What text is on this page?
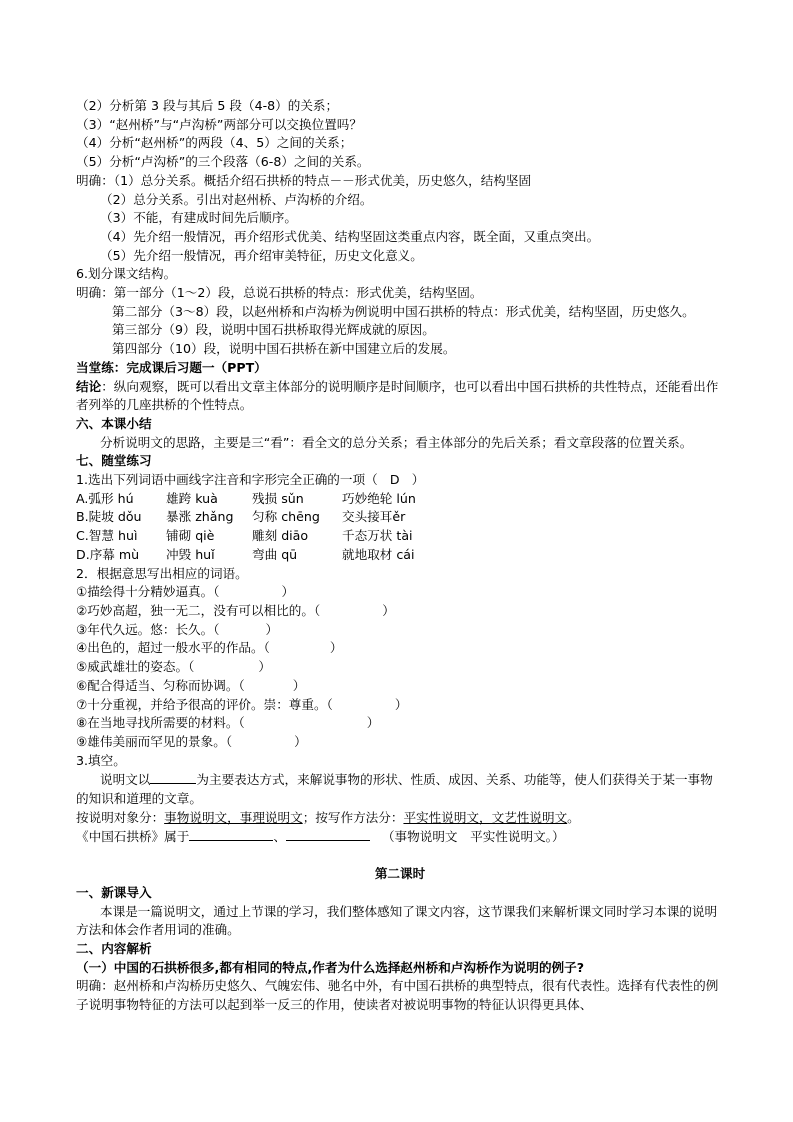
（2）分析第 3 段与其后 5 段（4-8）的关系；

（3）“赵州桥”与“卢沟桥”两部分可以交换位置吗？

（4）分析“赵州桥”的两段（4、5）之间的关系；

（5）分析“卢沟桥”的三个段落（6-8）之间的关系。

明确：（1）总分关系。概括介绍石拱桥的特点－－形式优美，历史悠久，结构坚固

（2）总分关系。引出对赵州桥、卢沟桥的介绍。

（3）不能，有建成时间先后顺序。

（4）先介绍一般情况，再介绍形式优美、结构坚固这类重点内容，既全面，又重点突出。

（5）先介绍一般情况，再介绍审美特征，历史文化意义。

6.划分课文结构。

明确：第一部分（1～2）段，总说石拱桥的特点：形式优美，结构坚固。

第二部分（3～8）段，以赵州桥和卢沟桥为例说明中国石拱桥的特点：形式优美，结构坚固，历史悠久。

第三部分（9）段，说明中国石拱桥取得光辉成就的原因。

第四部分（10）段，说明中国石拱桥在新中国建立后的发展。

当堂练：完成课后习题一（PPT）

结论：纵向观察，既可以看出文章主体部分的说明顺序是时间顺序，也可以看出中国石拱桥的共性特点，还能看出作者列举的几座拱桥的个性特点。

六、本课小结

分析说明文的思路，主要是三“看”：看全文的总分关系；看主体部分的先后关系；看文章段落的位置关系。

七、随堂练习

1.选出下列词语中画线字注音和字形完全正确的一项（ D ）

A.弧形 hú	雄跨 kuà	残损 sǔn	巧妙绝轮 lún

B.陡坡 dǒu 暴涨 zhǎng 匀称 chēng 交头接耳ěr

C.智慧 huì 铺砌 qiè	雕刻 diāo	千态万状 tài

D.序幕 mù 冲毁 huǐ	弯曲 qū	就地取材 cái

2．根据意思写出相应的词语。

①描绘得十分精妙逼真。（	）

②巧妙高超，独一无二，没有可以相比的。（	）

③年代久远。悠：长久。（	）

④出色的，超过一般水平的作品。（	）

⑤威武雄壮的姿态。（	）

⑥配合得适当、匀称而协调。（	）

⑦十分重视，并给予很高的评价。崇：尊重。（	）

⑧在当地寻找所需要的材料。（	）

⑨雄伟美丽而罕见的景象。（	）

3.填空。

说明文以	为主要表达方式，来解说事物的形状、性质、成因、关系、功能等，使人们获得关于某一事物的知识和道理的文章。

按说明对象分：事物说明文，事理说明文；按写作方法分：平实性说明文，文艺性说明文。

《中国石拱桥》属于	、	（事物说明文　平实性说明文。）

第二课时

一、新课导入

本课是一篇说明文，通过上节课的学习，我们整体感知了课文内容，这节课我们来解析课文同时学习本课的说明方法和体会作者用词的准确。

二、内容解析

（一）中国的石拱桥很多,都有相同的特点,作者为什么选择赵州桥和卢沟桥作为说明的例子?

明确：赵州桥和卢沟桥历史悠久、气魄宏伟、驰名中外，有中国石拱桥的典型特点，很有代表性。选择有代表性的例子说明事物特征的方法可以起到举一反三的作用，使读者对被说明事物的特征认识得更具体、
